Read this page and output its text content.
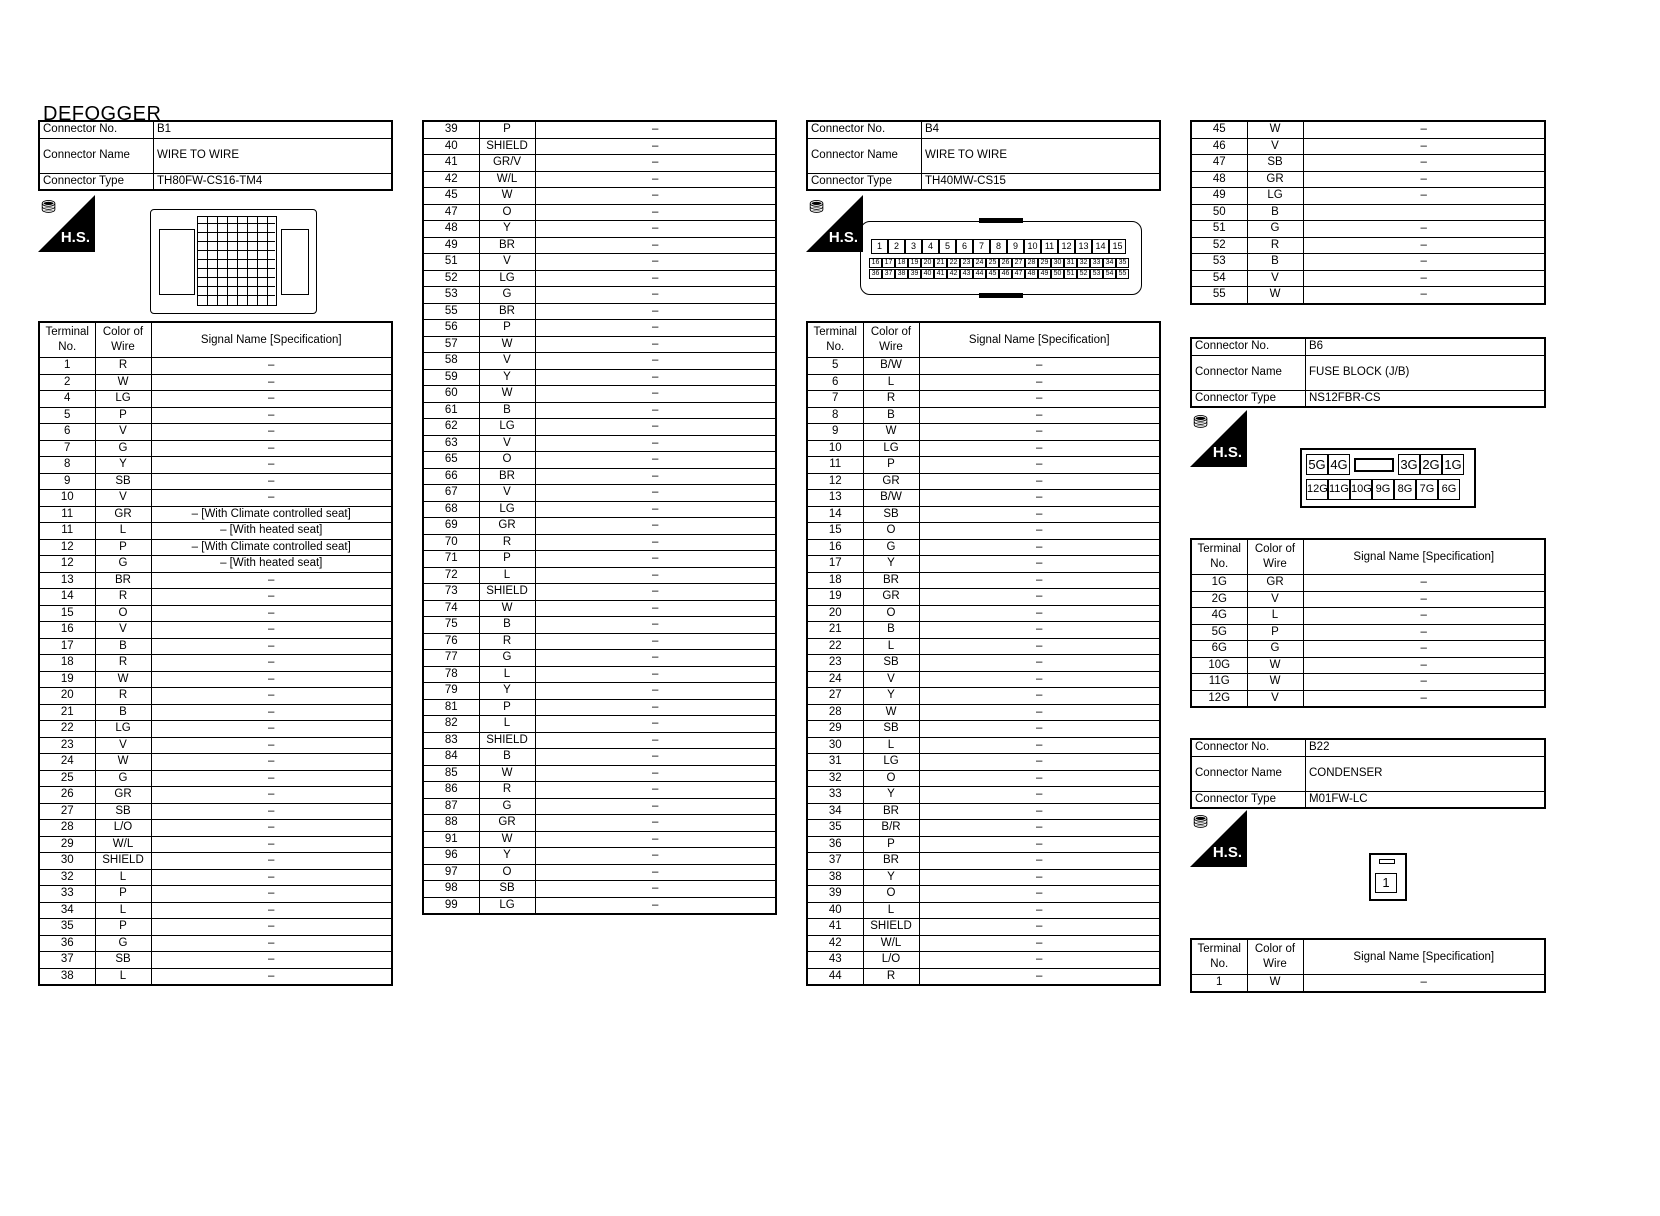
DEFOGGER
Connector No.	B1
Connector Name	WIRE TO WIRE
Connector Type	TH80FW-CS16-TM4
⛃
H.S.
Terminal No.	Color of Wire	Signal Name [Specification]
1	R	–
2	W	–
4	LG	–
5	P	–
6	V	–
7	G	–
8	Y	–
9	SB	–
10	V	–
11	GR	– [With Climate controlled seat]
11	L	– [With heated seat]
12	P	– [With Climate controlled seat]
12	G	– [With heated seat]
13	BR	–
14	R	–
15	O	–
16	V	–
17	B	–
18	R	–
19	W	–
20	R	–
21	B	–
22	LG	–
23	V	–
24	W	–
25	G	–
26	GR	–
27	SB	–
28	L/O	–
29	W/L	–
30	SHIELD	–
32	L	–
33	P	–
34	L	–
35	P	–
36	G	–
37	SB	–
38	L	–
39	P	–
40	SHIELD	–
41	GR/V	–
42	W/L	–
45	W	–
47	O	–
48	Y	–
49	BR	–
51	V	–
52	LG	–
53	G	–
55	BR	–
56	P	–
57	W	–
58	V	–
59	Y	–
60	W	–
61	B	–
62	LG	–
63	V	–
65	O	–
66	BR	–
67	V	–
68	LG	–
69	GR	–
70	R	–
71	P	–
72	L	–
73	SHIELD	–
74	W	–
75	B	–
76	R	–
77	G	–
78	L	–
79	Y	–
81	P	–
82	L	–
83	SHIELD	–
84	B	–
85	W	–
86	R	–
87	G	–
88	GR	–
91	W	–
96	Y	–
97	O	–
98	SB	–
99	LG	–
Connector No.	B4
Connector Name	WIRE TO WIRE
Connector Type	TH40MW-CS15
⛃
H.S.	1 2 3 4 5 6 7 8 9 10 11 12 13 14 15
16 17 18 19 20 21 22 23 24 25 26 27 28 29 30 31 32 33 34 3536 37 38 39 40 41 42 43 44 45 46 47 48 49 50 51 52 53 54 55
Terminal No.	Color of Wire	Signal Name [Specification]
5	B/W	–
6	L	–
7	R	–
8	B	–
9	W	–
10	LG	–
11	P	–
12	GR	–
13	B/W	–
14	SB	–
15	O	–
16	G	–
17	Y	–
18	BR	–
19	GR	–
20	O	–
21	B	–
22	L	–
23	SB	–
24	V	–
27	Y	–
28	W	–
29	SB	–
30	L	–
31	LG	–
32	O	–
33	Y	–
34	BR	–
35	B/R	–
36	P	–
37	BR	–
38	Y	–
39	O	–
40	L	–
41	SHIELD	–
42	W/L	–
43	L/O	–
44	R	–
45	W	–
46	V	–
47	SB	–
48	GR	–
49	LG	–
50	B	
51	G	–
52	R	–
53	B	–
54	V	–
55	W	–
Connector No.	B6
Connector Name	FUSE BLOCK (J/B)
Connector Type	NS12FBR-CS
⛃
H.S.
5G 4G	3G 2G 1G
12G11G 10G 9G 8G 7G 6G
Terminal No.	Color of Wire	Signal Name [Specification]
1G	GR	–
2G	V	–
4G	L	–
5G	P	–
6G	G	–
10G	W	–
11G	W	–
12G	V	–
Connector No.	B22
Connector Name	CONDENSER
Connector Type	M01FW-LC
⛃
H.S.
1
Terminal No.	Color of Wire	Signal Name [Specification]
1	W	–
